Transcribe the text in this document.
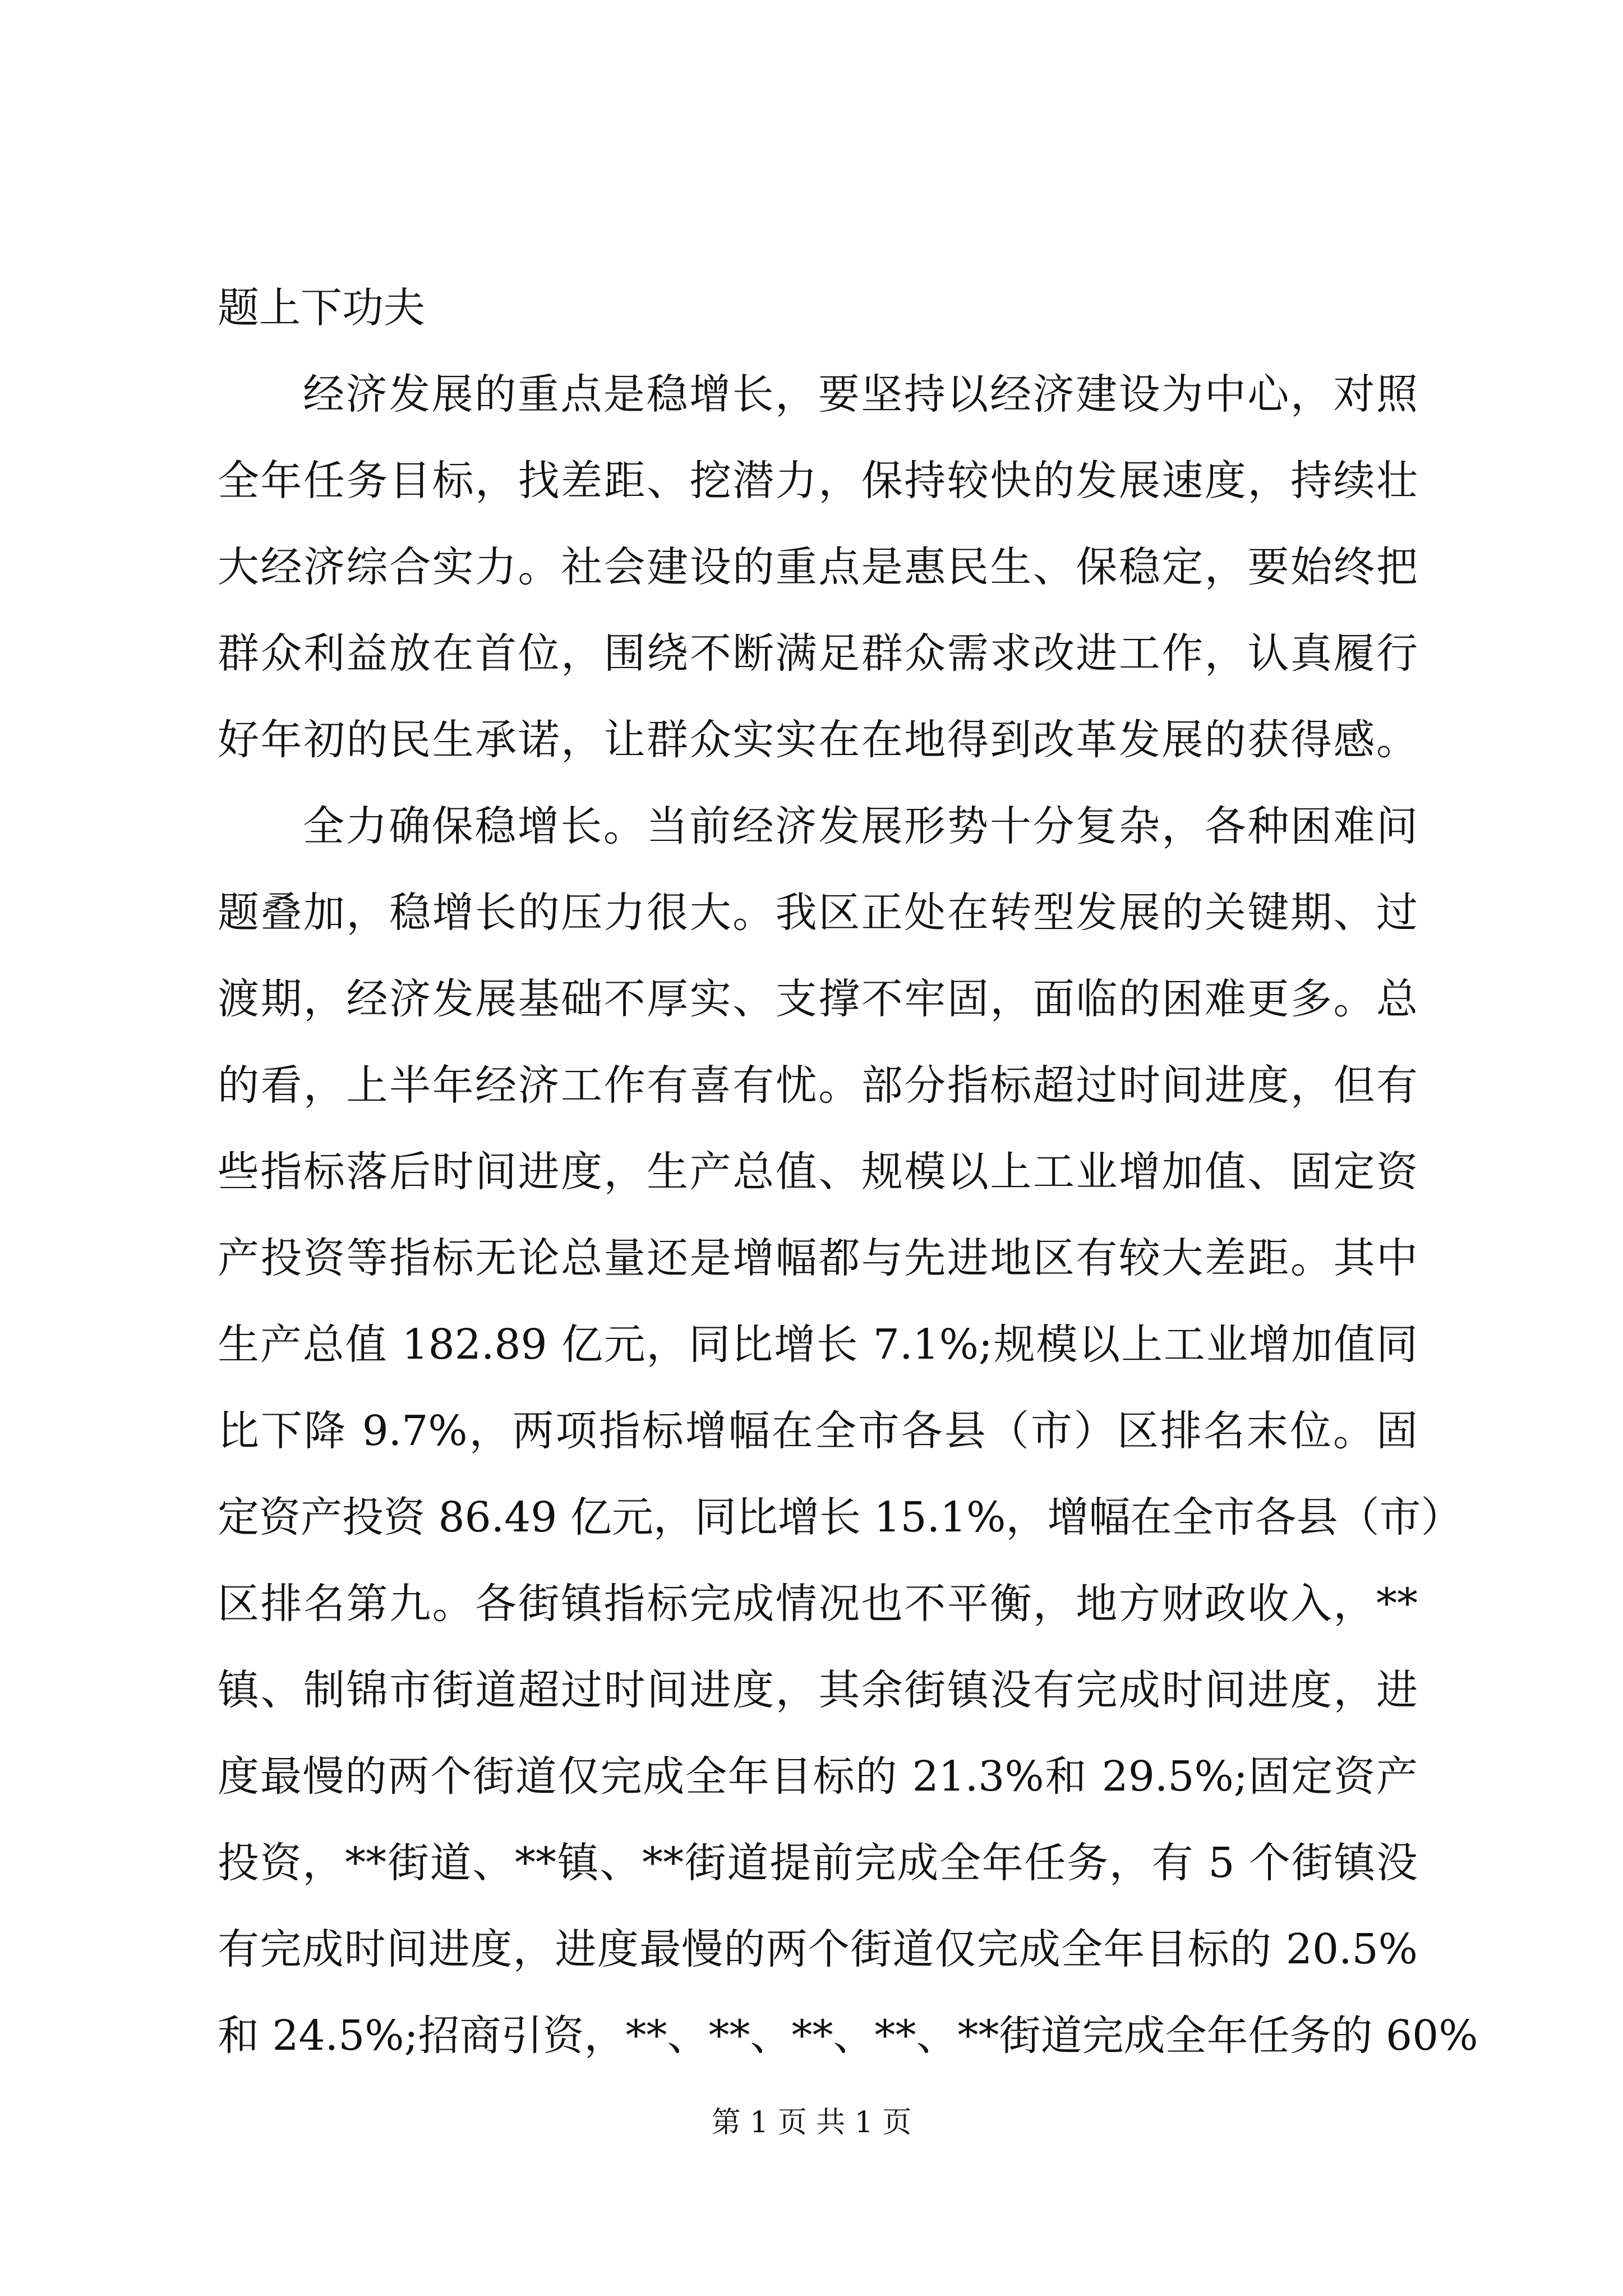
题上下功夫
经济发展的重点是稳增长，要坚持以经济建设为中心，对照
全年任务目标，找差距、挖潜力，保持较快的发展速度，持续壮
大经济综合实力。社会建设的重点是惠民生、保稳定，要始终把
群众利益放在首位，围绕不断满足群众需求改进工作，认真履行
好年初的民生承诺，让群众实实在在地得到改革发展的获得感。
全力确保稳增长。当前经济发展形势十分复杂，各种困难问
题叠加，稳增长的压力很大。我区正处在转型发展的关键期、过
渡期，经济发展基础不厚实、支撑不牢固，面临的困难更多。总
的看，上半年经济工作有喜有忧。部分指标超过时间进度，但有
些指标落后时间进度，生产总值、规模以上工业增加值、固定资
产投资等指标无论总量还是增幅都与先进地区有较大差距。其中
生产总值 182.89 亿元，同比增长 7.1%;规模以上工业增加值同
比下降 9.7%，两项指标增幅在全市各县（市）区排名末位。固
定资产投资 86.49 亿元，同比增长 15.1%，增幅在全市各县（市）
区排名第九。各街镇指标完成情况也不平衡，地方财政收入，**
镇、制锦市街道超过时间进度，其余街镇没有完成时间进度，进
度最慢的两个街道仅完成全年目标的 21.3%和 29.5%;固定资产
投资，**街道、**镇、**街道提前完成全年任务，有 5 个街镇没
有完成时间进度，进度最慢的两个街道仅完成全年目标的 20.5%
和 24.5%;招商引资，**、**、**、**、**街道完成全年任务的 60%
第 1 页 共 1 页
